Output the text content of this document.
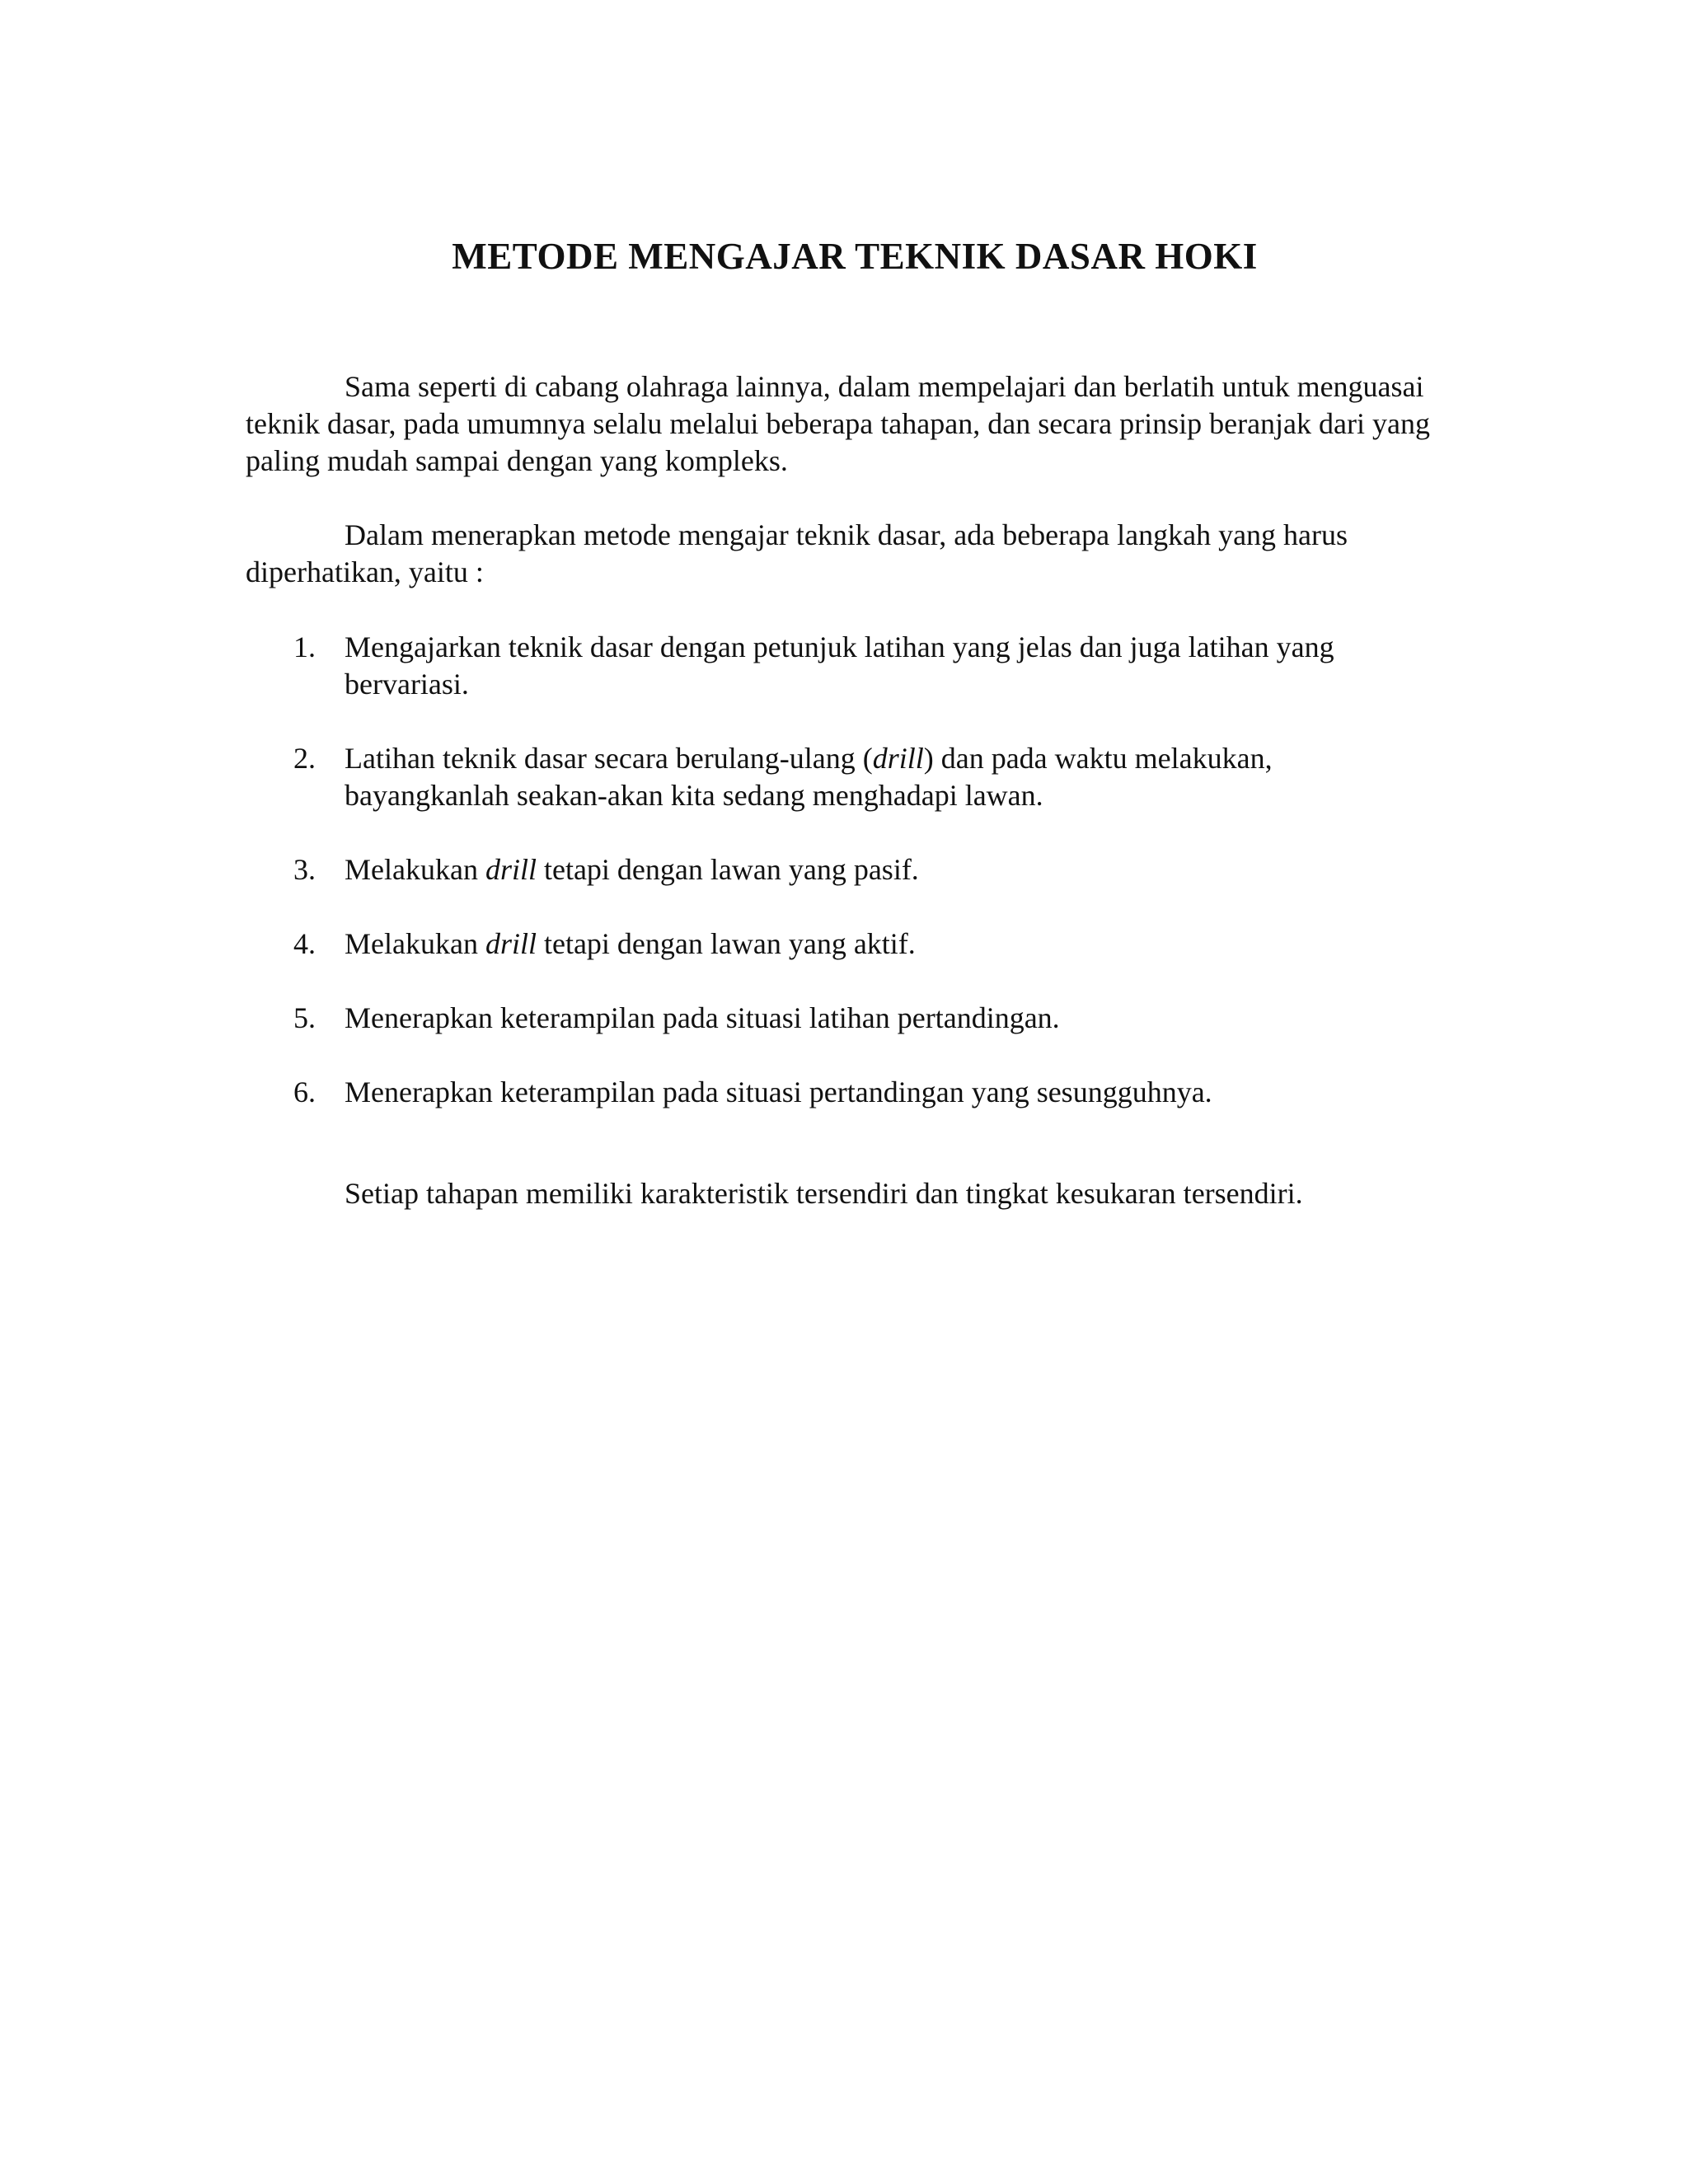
METODE MENGAJAR TEKNIK DASAR HOKI

Sama seperti di cabang olahraga lainnya, dalam mempelajari dan berlatih untuk menguasai teknik dasar, pada umumnya selalu melalui beberapa tahapan, dan secara prinsip beranjak dari yang paling mudah sampai dengan yang kompleks.

Dalam menerapkan metode mengajar teknik dasar, ada beberapa langkah yang harus diperhatikan, yaitu :

1. Mengajarkan teknik dasar dengan petunjuk latihan yang jelas dan juga latihan yang
bervariasi.
2. Latihan teknik dasar secara berulang-ulang (drill) dan pada waktu melakukan,
bayangkanlah seakan-akan kita sedang menghadapi lawan.
3. Melakukan drill tetapi dengan lawan yang pasif.
4. Melakukan drill tetapi dengan lawan yang aktif.
5. Menerapkan keterampilan pada situasi latihan pertandingan.
6. Menerapkan keterampilan pada situasi pertandingan yang sesungguhnya.

Setiap tahapan memiliki karakteristik tersendiri dan tingkat kesukaran tersendiri.
